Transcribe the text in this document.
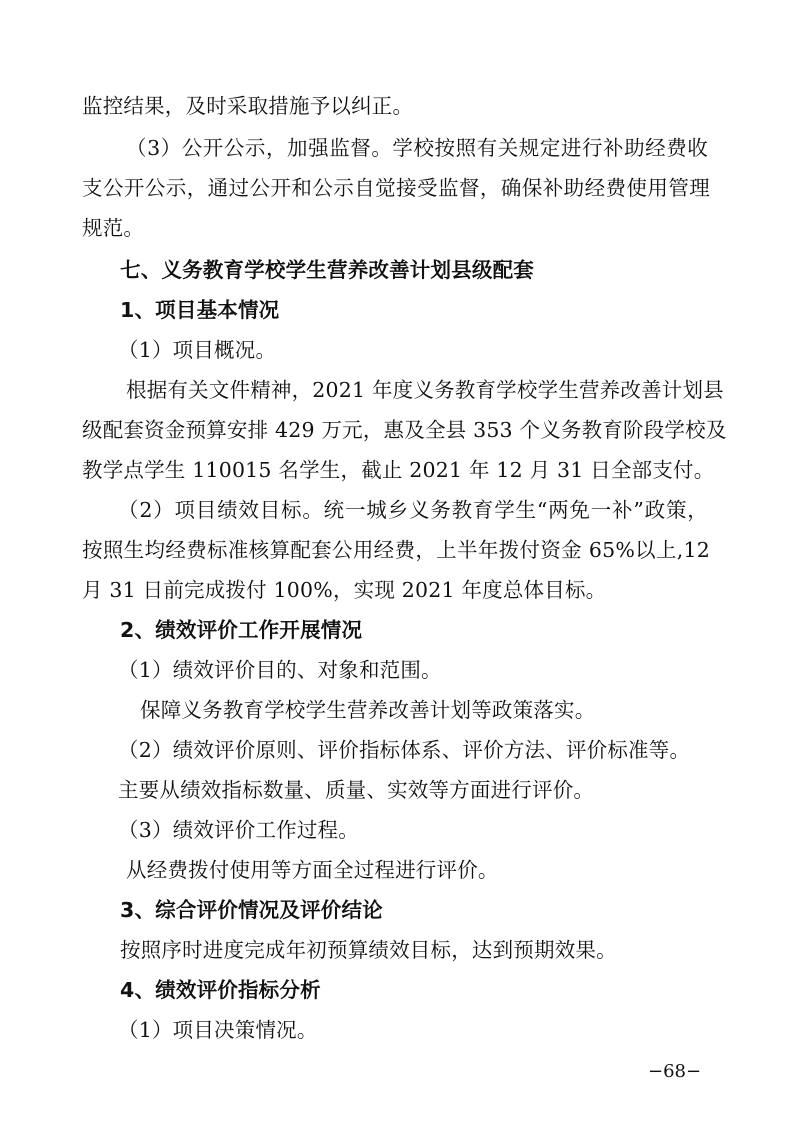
监控结果，及时采取措施予以纠正。
（3）公开公示，加强监督。学校按照有关规定进行补助经费收
支公开公示，通过公开和公示自觉接受监督，确保补助经费使用管理
规范。
七、义务教育学校学生营养改善计划县级配套
1、项目基本情况
（1）项目概况。
根据有关文件精神，2021 年度义务教育学校学生营养改善计划县
级配套资金预算安排 429 万元，惠及全县 353 个义务教育阶段学校及
教学点学生 110015 名学生，截止 2021 年 12 月 31 日全部支付。
（2）项目绩效目标。统一城乡义务教育学生“两免一补”政策，
按照生均经费标准核算配套公用经费，上半年拨付资金 65%以上,12
月 31 日前完成拨付 100%，实现 2021 年度总体目标。
2、绩效评价工作开展情况
（1）绩效评价目的、对象和范围。
保障义务教育学校学生营养改善计划等政策落实。
（2）绩效评价原则、评价指标体系、评价方法、评价标准等。
主要从绩效指标数量、质量、实效等方面进行评价。
（3）绩效评价工作过程。
从经费拨付使用等方面全过程进行评价。
3、综合评价情况及评价结论
按照序时进度完成年初预算绩效目标，达到预期效果。
4、绩效评价指标分析
（1）项目决策情况。
−68−
